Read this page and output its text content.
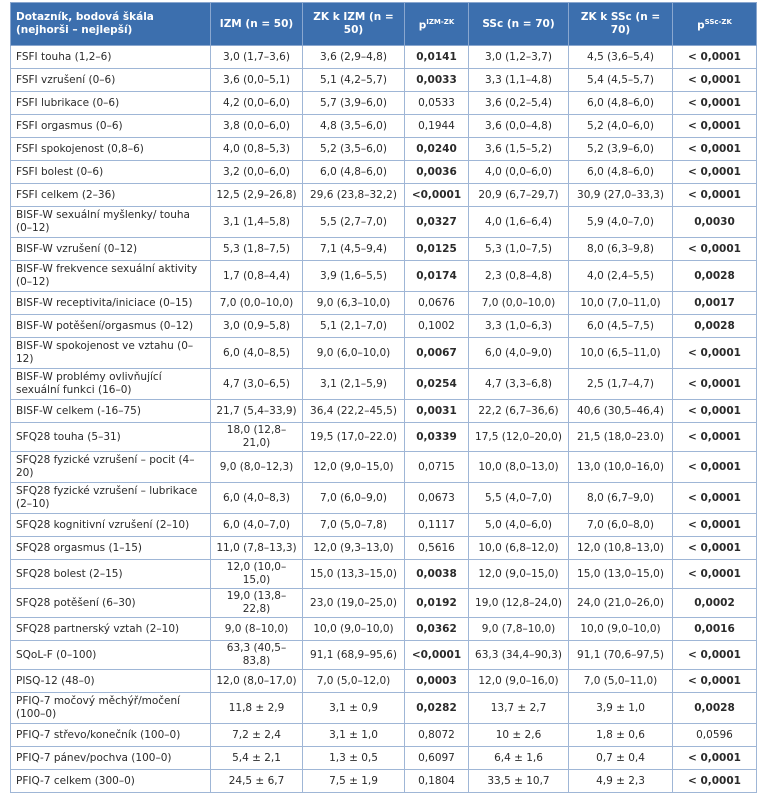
Dotazník, bodová škála (nejhorši – nejlepší)	IZM (n = 50)	ZK k IZM (n = 50)	$p^{IZM-ZK}$	SSc (n = 70)	ZK k SSc (n = 70)	$p^{SSc-ZK}$
FSFI touha (1,2–6)	3,0 (1,7–3,6)	3,6 (2,9–4,8)	0,0141	3,0 (1,2–3,7)	4,5 (3,6–5,4)	< 0,0001
FSFI vzrušení (0–6)	3,6 (0,0–5,1)	5,1 (4,2–5,7)	0,0033	3,3 (1,1–4,8)	5,4 (4,5–5,7)	< 0,0001
FSFI lubrikace (0–6)	4,2 (0,0–6,0)	5,7 (3,9–6,0)	0,0533	3,6 (0,2–5,4)	6,0 (4,8–6,0)	< 0,0001
FSFI orgasmus (0–6)	3,8 (0,0–6,0)	4,8 (3,5–6,0)	0,1944	3,6 (0,0–4,8)	5,2 (4,0–6,0)	< 0,0001
FSFI spokojenost (0,8–6)	4,0 (0,8–5,3)	5,2 (3,5–6,0)	0,0240	3,6 (1,5–5,2)	5,2 (3,9–6,0)	< 0,0001
FSFI bolest (0–6)	3,2 (0,0–6,0)	6,0 (4,8–6,0)	0,0036	4,0 (0,0–6,0)	6,0 (4,8–6,0)	< 0,0001
FSFI celkem (2–36)	12,5 (2,9–26,8)	29,6 (23,8–32,2)	<0,0001	20,9 (6,7–29,7)	30,9 (27,0–33,3)	< 0,0001
BISF-W sexuální myšlenky/ touha (0–12)	3,1 (1,4–5,8)	5,5 (2,7–7,0)	0,0327	4,0 (1,6–6,4)	5,9 (4,0–7,0)	0,0030
BISF-W vzrušení (0–12)	5,3 (1,8–7,5)	7,1 (4,5–9,4)	0,0125	5,3 (1,0–7,5)	8,0 (6,3–9,8)	< 0,0001
BISF-W frekvence sexuální aktivity (0–12)	1,7 (0,8–4,4)	3,9 (1,6–5,5)	0,0174	2,3 (0,8–4,8)	4,0 (2,4–5,5)	0,0028
BISF-W receptivita/iniciace (0–15)	7,0 (0,0–10,0)	9,0 (6,3–10,0)	0,0676	7,0 (0,0–10,0)	10,0 (7,0–11,0)	0,0017
BISF-W potěšení/orgasmus (0–12)	3,0 (0,9–5,8)	5,1 (2,1–7,0)	0,1002	3,3 (1,0–6,3)	6,0 (4,5–7,5)	0,0028
BISF-W spokojenost ve vztahu (0–12)	6,0 (4,0–8,5)	9,0 (6,0–10,0)	0,0067	6,0 (4,0–9,0)	10,0 (6,5–11,0)	< 0,0001
BISF-W problémy ovlivňující sexuální funkci (16–0)	4,7 (3,0–6,5)	3,1 (2,1–5,9)	0,0254	4,7 (3,3–6,8)	2,5 (1,7–4,7)	< 0,0001
BISF-W celkem (-16–75)	21,7 (5,4–33,9)	36,4 (22,2–45,5)	0,0031	22,2 (6,7–36,6)	40,6 (30,5–46,4)	< 0,0001
SFQ28 touha (5–31)	18,0 (12,8–21,0)	19,5 (17,0–22.0)	0,0339	17,5 (12,0–20,0)	21,5 (18,0–23.0)	< 0,0001
SFQ28 fyzické vzrušení – pocit (4–20)	9,0 (8,0–12,3)	12,0 (9,0–15,0)	0,0715	10,0 (8,0–13,0)	13,0 (10,0–16,0)	< 0,0001
SFQ28 fyzické vzrušení – lubrikace (2–10)	6,0 (4,0–8,3)	7,0 (6,0–9,0)	0,0673	5,5 (4,0–7,0)	8,0 (6,7–9,0)	< 0,0001
SFQ28 kognitivní vzrušení (2–10)	6,0 (4,0–7,0)	7,0 (5,0–7,8)	0,1117	5,0 (4,0–6,0)	7,0 (6,0–8,0)	< 0,0001
SFQ28 orgasmus (1–15)	11,0 (7,8–13,3)	12,0 (9,3–13,0)	0,5616	10,0 (6,8–12,0)	12,0 (10,8–13,0)	< 0,0001
SFQ28 bolest (2–15)	12,0 (10,0–15,0)	15,0 (13,3–15,0)	0,0038	12,0 (9,0–15,0)	15,0 (13,0–15,0)	< 0,0001
SFQ28 potěšení (6–30)	19,0 (13,8–22,8)	23,0 (19,0–25,0)	0,0192	19,0 (12,8–24,0)	24,0 (21,0–26,0)	0,0002
SFQ28 partnerský vztah (2–10)	9,0 (8–10,0)	10,0 (9,0–10,0)	0,0362	9,0 (7,8–10,0)	10,0 (9,0–10,0)	0,0016
SQoL-F (0–100)	63,3 (40,5–83,8)	91,1 (68,9–95,6)	<0,0001	63,3 (34,4–90,3)	91,1 (70,6–97,5)	< 0,0001
PISQ-12 (48–0)	12,0 (8,0–17,0)	7,0 (5,0–12,0)	0,0003	12,0 (9,0–16,0)	7,0 (5,0–11,0)	< 0,0001
PFIQ-7 močový měchýř/močení (100–0)	11,8 ± 2,9	3,1 ± 0,9	0,0282	13,7 ± 2,7	3,9 ± 1,0	0,0028
PFIQ-7 střevo/konečník (100–0)	7,2 ± 2,4	3,1 ± 1,0	0,8072	10 ± 2,6	1,8 ± 0,6	0,0596
PFIQ-7 pánev/pochva (100–0)	5,4 ± 2,1	1,3 ± 0,5	0,6097	6,4 ± 1,6	0,7 ± 0,4	< 0,0001
PFIQ-7 celkem (300–0)	24,5 ± 6,7	7,5 ± 1,9	0,1804	33,5 ± 10,7	4,9 ± 2,3	< 0,0001
